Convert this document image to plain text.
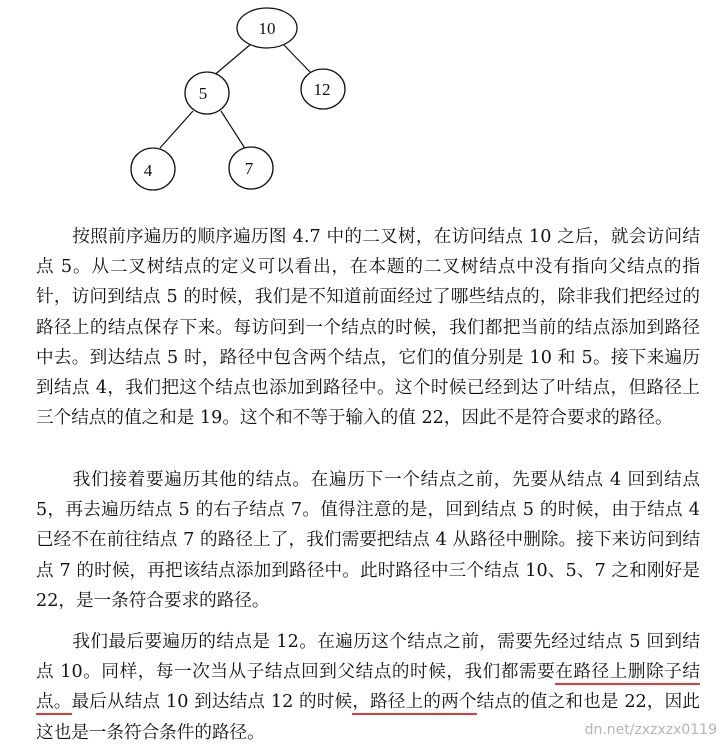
10
5	12
4	7

按照前序遍历的顺序遍历图 4.7 中的二叉树，在访问结点 10 之后，就会访问结点 5。从二叉树结点的定义可以看出，在本题的二叉树结点中没有指向父结点的指针，访问到结点 5 的时候，我们是不知道前面经过了哪些结点的，除非我们把经过的路径上的结点保存下来。每访问到一个结点的时候，我们都把当前的结点添加到路径中去。到达结点 5 时，路径中包含两个结点，它们的值分别是 10 和 5。接下来遍历到结点 4，我们把这个结点也添加到路径中。这个时候已经到达了叶结点，但路径上三个结点的值之和是 19。这个和不等于输入的值 22，因此不是符合要求的路径。

我们接着要遍历其他的结点。在遍历下一个结点之前，先要从结点 4 回到结点 5，再去遍历结点 5 的右子结点 7。值得注意的是，回到结点 5 的时候，由于结点 4 已经不在前往结点 7 的路径上了，我们需要把结点 4 从路径中删除。接下来访问到结点 7 的时候，再把该结点添加到路径中。此时路径中三个结点 10、5、7 之和刚好是 22，是一条符合要求的路径。

我们最后要遍历的结点是 12。在遍历这个结点之前，需要先经过结点 5 回到结点 10。同样，每一次当从子结点回到父结点的时候，我们都需要在路径上删除子结点。最后从结点 10 到达结点 12 的时候，路径上的两个结点的值之和也是 22，因此这也是一条符合条件的路径。	dn.net/zxzxzx0119
